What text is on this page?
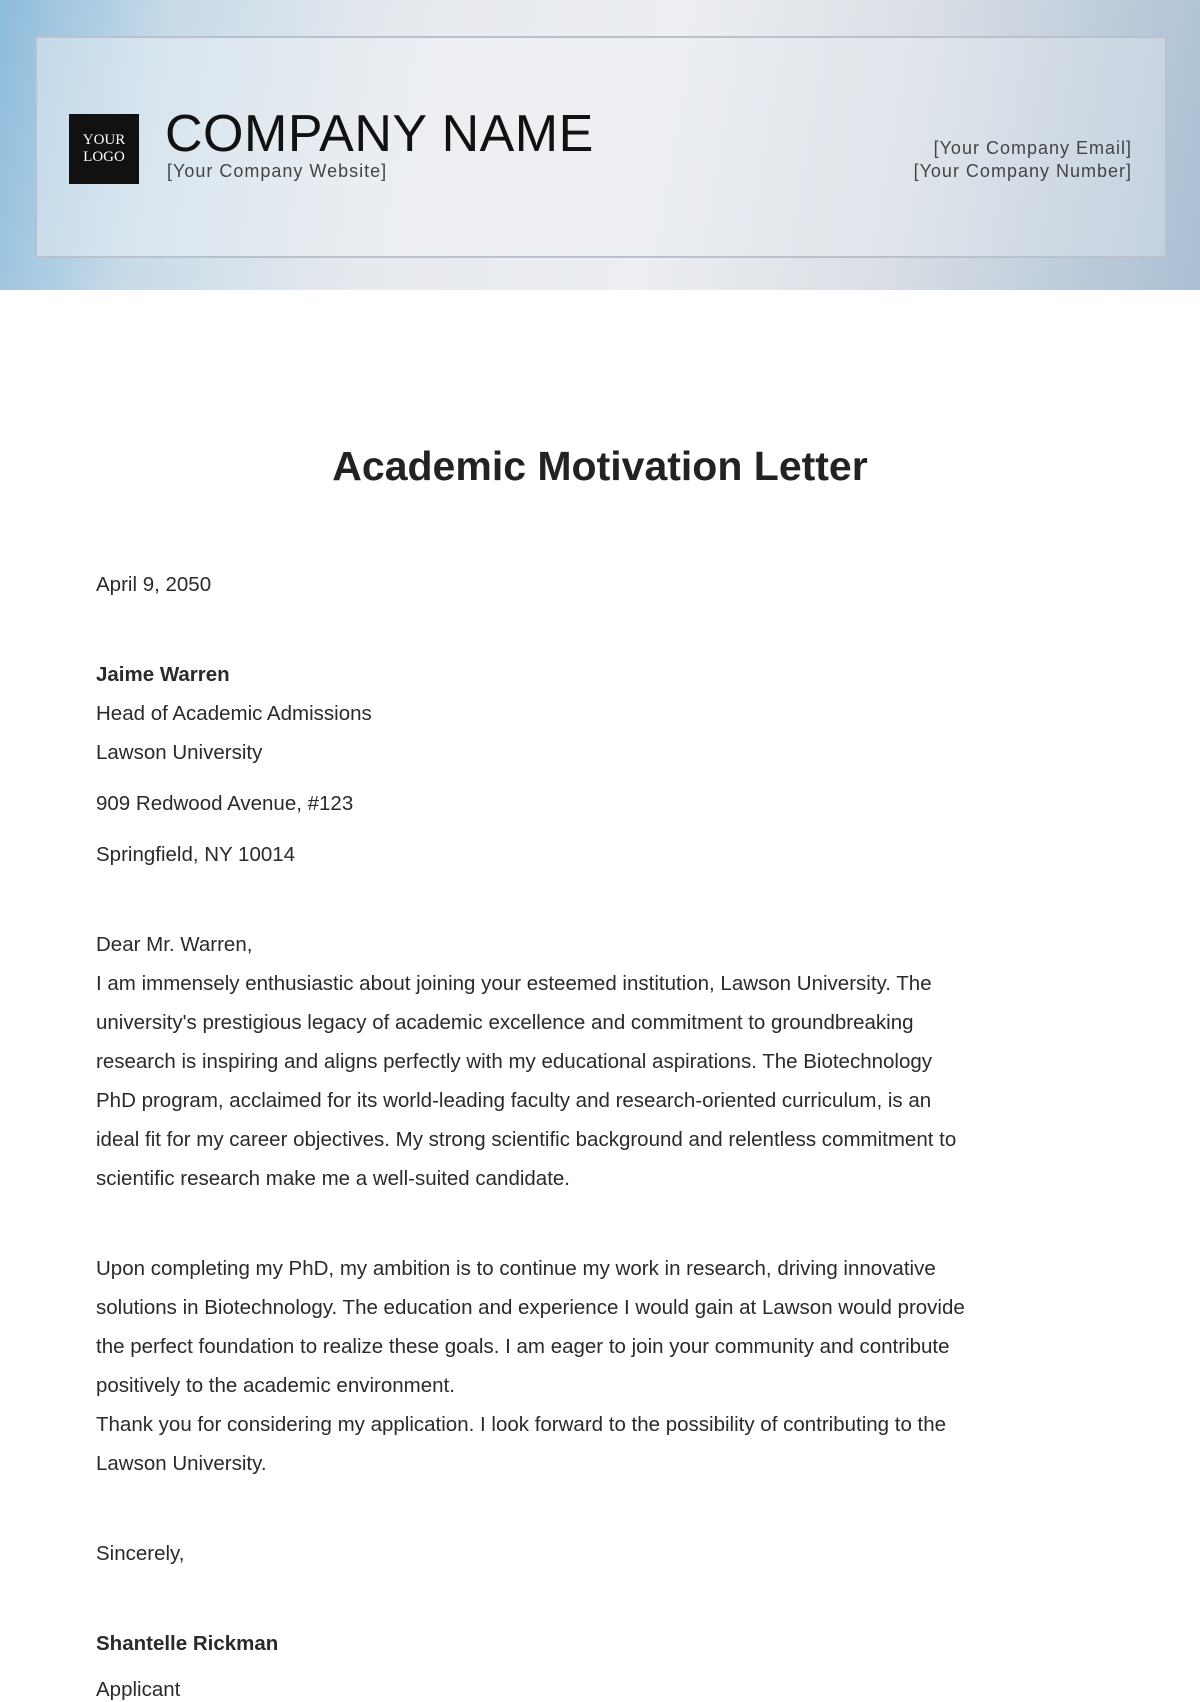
YOUR
LOGO COMPANY NAME
[Your Company Website]
[Your Company Email]
[Your Company Number]
Academic Motivation Letter
April 9, 2050
Jaime Warren
Head of Academic Admissions
Lawson University
909 Redwood Avenue, #123
Springfield, NY 10014
Dear Mr. Warren,
I am immensely enthusiastic about joining your esteemed institution, Lawson University. The
university's prestigious legacy of academic excellence and commitment to groundbreaking
research is inspiring and aligns perfectly with my educational aspirations. The Biotechnology
PhD program, acclaimed for its world-leading faculty and research-oriented curriculum, is an
ideal fit for my career objectives. My strong scientific background and relentless commitment to
scientific research make me a well-suited candidate.
Upon completing my PhD, my ambition is to continue my work in research, driving innovative
solutions in Biotechnology. The education and experience I would gain at Lawson would provide
the perfect foundation to realize these goals. I am eager to join your community and contribute
positively to the academic environment.
Thank you for considering my application. I look forward to the possibility of contributing to the
Lawson University.
Sincerely,
Shantelle Rickman
Applicant
